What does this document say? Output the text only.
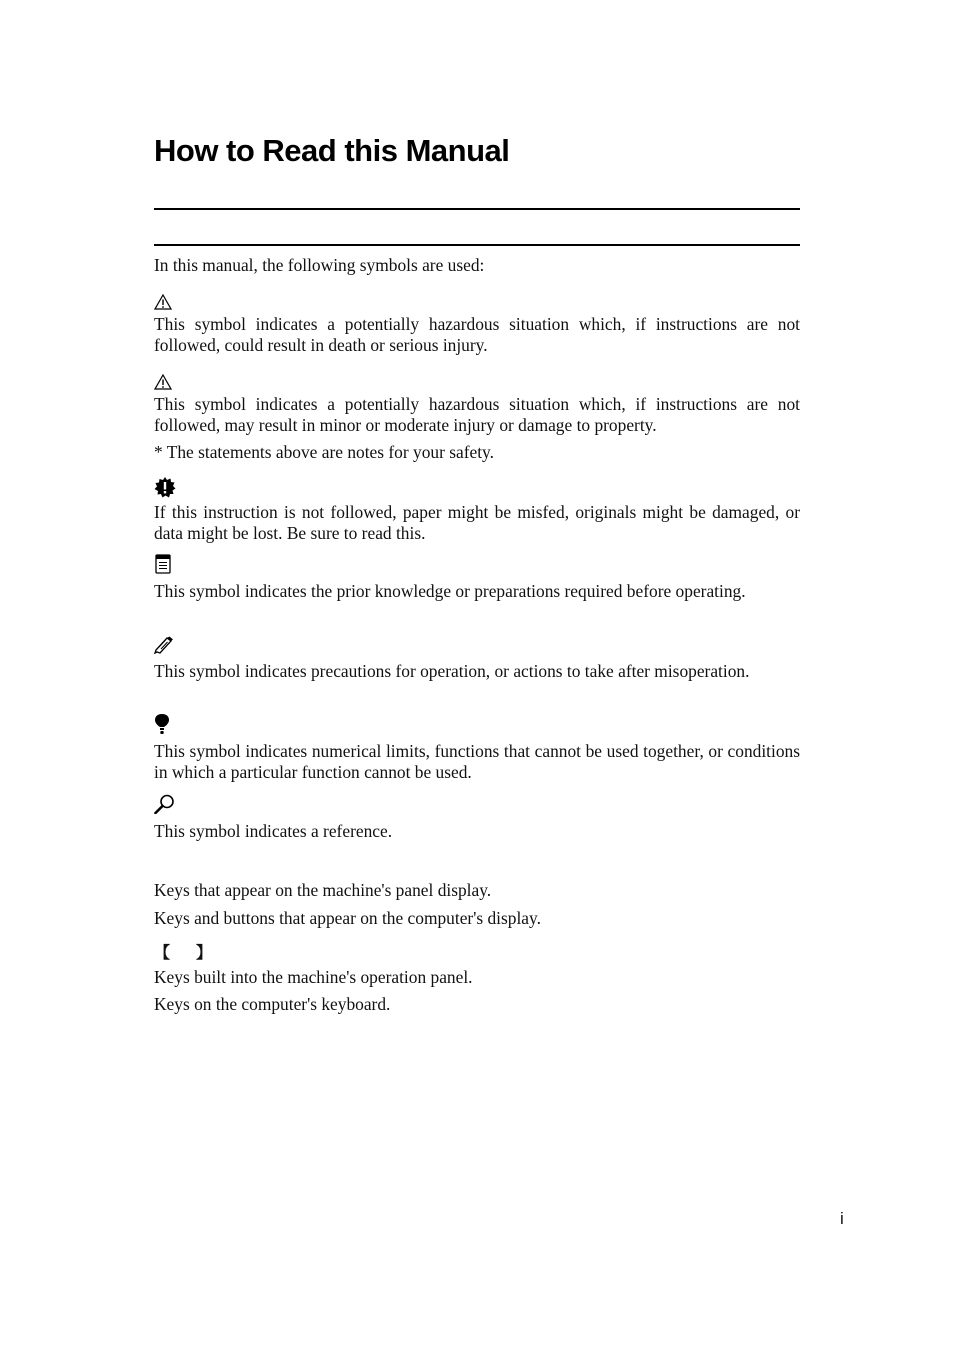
How to Read this Manual

In this manual, the following symbols are used:

This symbol indicates a potentially hazardous situation which, if instructions are not followed, could result in death or serious injury.

This symbol indicates a potentially hazardous situation which, if instructions are not followed, may result in minor or moderate injury or damage to property.

* The statements above are notes for your safety.

If this instruction is not followed, paper might be misfed, originals might be damaged, or data might be lost. Be sure to read this.

This symbol indicates the prior knowledge or preparations required before operating.

This symbol indicates precautions for operation, or actions to take after misoperation.

This symbol indicates numerical limits, functions that cannot be used together, or conditions in which a particular function cannot be used.

This symbol indicates a reference.

Keys that appear on the machine's panel display.

Keys and buttons that appear on the computer's display.

【 】

Keys built into the machine's operation panel.

Keys on the computer's keyboard.

i
